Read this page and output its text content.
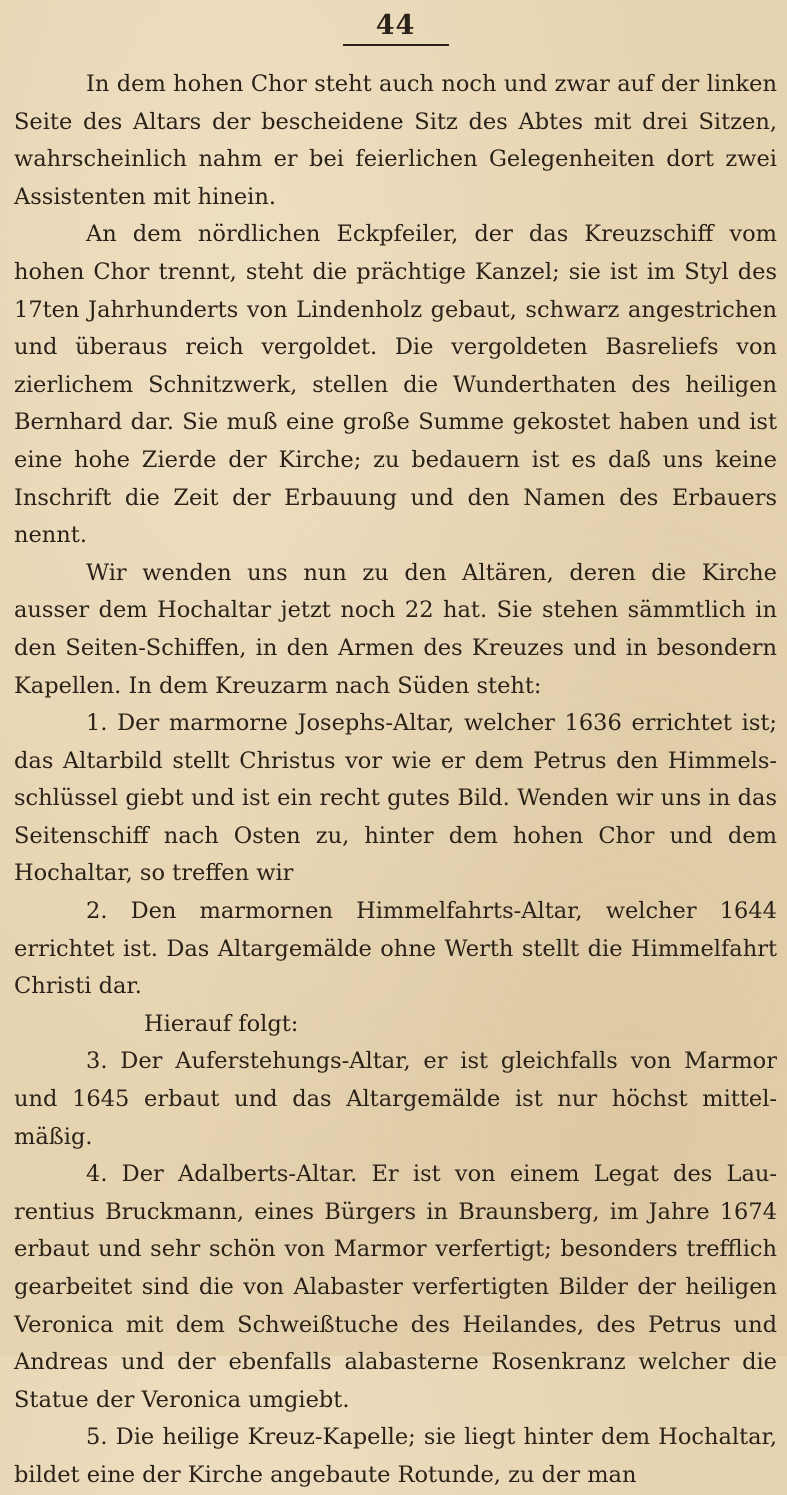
44

In dem hohen Chor steht auch noch und zwar auf der linken Seite des Altars der bescheidene Sitz des Abtes mit drei Sitzen, wahrscheinlich nahm er bei feierlichen Gelegenheiten dort zwei Assistenten mit hinein.

An dem nördlichen Eckpfeiler, der das Kreuzschiff vom hohen Chor trennt, steht die prächtige Kanzel; sie ist im Styl des 17ten Jahrhunderts von Lindenholz gebaut, schwarz angestrichen und überaus reich vergoldet. Die vergoldeten Basreliefs von zierlichem Schnitzwerk, stellen die Wunderthaten des heiligen Bernhard dar. Sie muß eine große Summe gekostet haben und ist eine hohe Zierde der Kirche; zu bedauern ist es daß uns keine Inschrift die Zeit der Erbauung und den Namen des Erbauers nennt.

Wir wenden uns nun zu den Altären, deren die Kirche ausser dem Hochaltar jetzt noch 22 hat. Sie stehen sämmtlich in den Seiten-Schiffen, in den Armen des Kreuzes und in besondern Kapellen. In dem Kreuzarm nach Süden steht:

1. Der marmorne Josephs-Altar, welcher 1636 errichtet ist; das Altarbild stellt Christus vor wie er dem Petrus den Himmelsschlüssel giebt und ist ein recht gutes Bild. Wenden wir uns in das Seitenschiff nach Osten zu, hinter dem hohen Chor und dem Hochaltar, so treffen wir

2. Den marmornen Himmelfahrts-Altar, welcher 1644 errichtet ist. Das Altargemälde ohne Werth stellt die Himmelfahrt Christi dar.

Hierauf folgt:

3. Der Auferstehungs-Altar, er ist gleichfalls von Marmor und 1645 erbaut und das Altargemälde ist nur höchst mittelmäßig.

4. Der Adalberts-Altar. Er ist von einem Legat des Laurentius Bruckmann, eines Bürgers in Braunsberg, im Jahre 1674 erbaut und sehr schön von Marmor verfertigt; besonders trefflich gearbeitet sind die von Alabaster verfertigten Bilder der heiligen Veronica mit dem Schweißtuche des Heilandes, des Petrus und Andreas und der ebenfalls alabasterne Rosenkranz welcher die Statue der Veronica umgiebt.

5. Die heilige Kreuz-Kapelle; sie liegt hinter dem Hochaltar, bildet eine der Kirche angebaute Rotunde, zu der man
